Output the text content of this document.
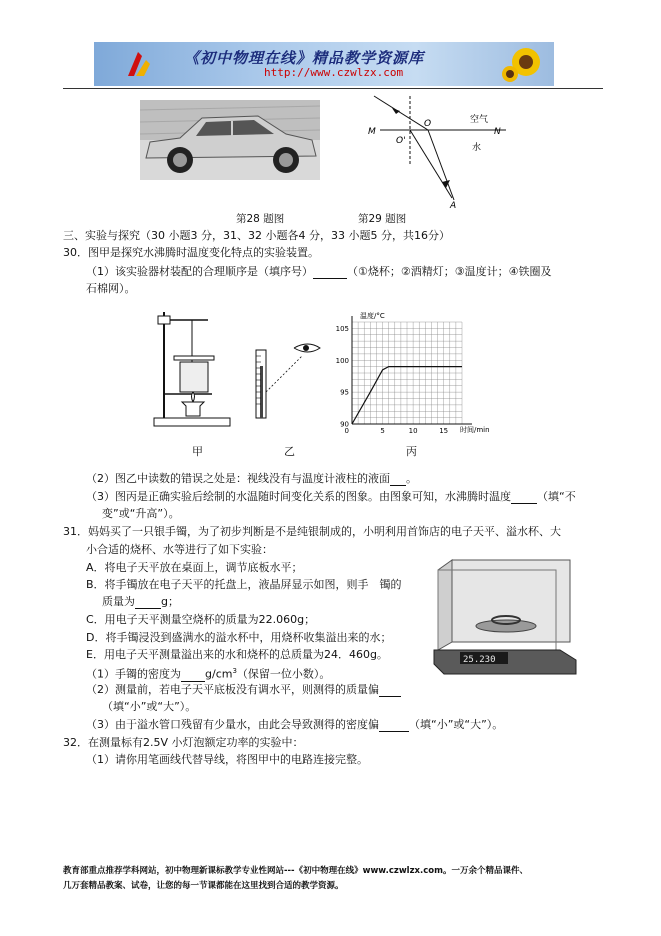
《初中物理在线》精品教学资源库
http://www.czwlzx.com
M
O
O'
N
A
空气
水
第28 题图	第29 题图
三、实验与探究（30 小题3 分，31、32 小题各4 分，33 小题5 分，共16分）
30．图甲是探究水沸腾时温度变化特点的实验装置。
（1）该实验器材装配的合理顺序是（填序号）	（①烧杯；②酒精灯；③温度计；④铁圈及
石棉网）。
温度/°C
时间/min
5	10	15
90
95
100
105
0
甲	乙	丙
（2）图乙中读数的错误之处是：视线没有与温度计液柱的液面 。
（3）图丙是正确实验后绘制的水温随时间变化关系的图象。由图象可知，水沸腾时温度 （填“不
变”或“升高”）。
31．妈妈买了一只银手镯，为了初步判断是不是纯银制成的，小明利用首饰店的电子天平、溢水杯、大
小合适的烧杯、水等进行了如下实验：
A．将电子天平放在桌面上，调节底板水平；
B．将手镯放在电子天平的托盘上，液晶屏显示如图，则手　镯的
质量为 g；
C．用电子天平测量空烧杯的质量为22.060g；
D．将手镯浸没到盛满水的溢水杯中，用烧杯收集溢出来的水；
E．用电子天平测量溢出来的水和烧杯的总质量为24．460g。
（1）手镯的密度为 $g/cm^3$（保留一位小数）。
（2）测量前，若电子天平底板没有调水平，则测得的质量偏
（填“小”或“大”）。
（3）由于溢水管口残留有少量水，由此会导致测得的密度偏	（填“小”或“大”）。
25.230
32．在测量标有2.5V 小灯泡额定功率的实验中：
（1）请你用笔画线代替导线，将图甲中的电路连接完整。
教育部重点推荐学科网站，初中物理新课标教学专业性网站---《初中物理在线》www.czwlzx.com。一万余个精品课件、
几万套精品教案、试卷，让您的每一节课都能在这里找到合适的教学资源。
